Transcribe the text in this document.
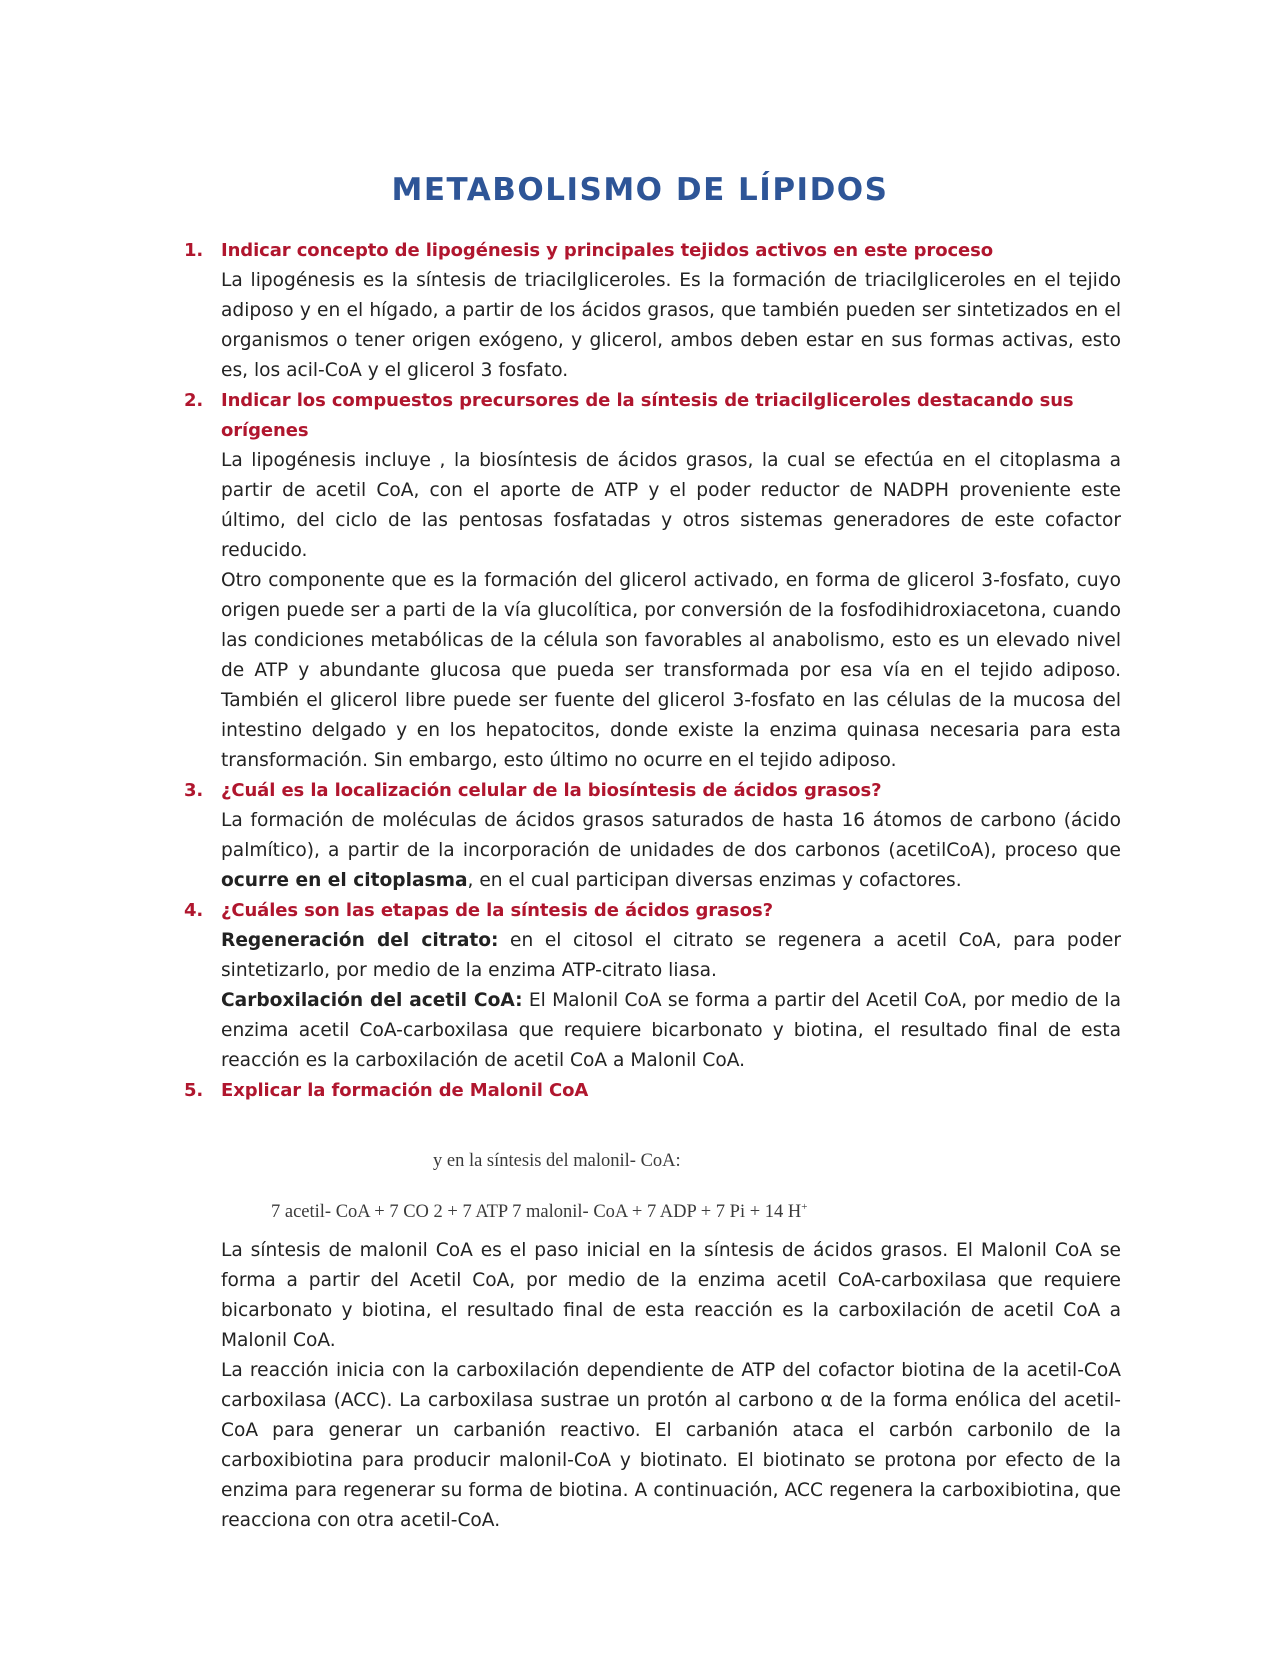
METABOLISMO DE LÍPIDOS
1. Indicar concepto de lipogénesis y principales tejidos activos en este proceso

La lipogénesis es la síntesis de triacilgliceroles. Es la formación de triacilgliceroles en el tejido adiposo y en el hígado, a partir de los ácidos grasos, que también pueden ser sintetizados en el organismos o tener origen exógeno, y glicerol, ambos deben estar en sus formas activas, esto es, los acil-CoA y el glicerol 3 fosfato.

2. Indicar los compuestos precursores de la síntesis de triacilgliceroles destacando sus orígenes

La lipogénesis incluye , la biosíntesis de ácidos grasos, la cual se efectúa en el citoplasma a partir de acetil CoA, con el aporte de ATP y el poder reductor de NADPH proveniente este último, del ciclo de las pentosas fosfatadas y otros sistemas generadores de este cofactor reducido.

Otro componente que es la formación del glicerol activado, en forma de glicerol 3-fosfato, cuyo origen puede ser a parti de la vía glucolítica, por conversión de la fosfodihidroxiacetona, cuando las condiciones metabólicas de la célula son favorables al anabolismo, esto es un elevado nivel de ATP y abundante glucosa que pueda ser transformada por esa vía en el tejido adiposo. También el glicerol libre puede ser fuente del glicerol 3-fosfato en las células de la mucosa del intestino delgado y en los hepatocitos, donde existe la enzima quinasa necesaria para esta transformación. Sin embargo, esto último no ocurre en el tejido adiposo.

3. ¿Cuál es la localización celular de la biosíntesis de ácidos grasos?

La formación de moléculas de ácidos grasos saturados de hasta 16 átomos de carbono (ácido palmítico), a partir de la incorporación de unidades de dos carbonos (acetilCoA), proceso que ocurre en el citoplasma, en el cual participan diversas enzimas y cofactores.

4. ¿Cuáles son las etapas de la síntesis de ácidos grasos?

Regeneración del citrato: en el citosol el citrato se regenera a acetil CoA, para poder sintetizarlo, por medio de la enzima ATP-citrato liasa.

Carboxilación del acetil CoA: El Malonil CoA se forma a partir del Acetil CoA, por medio de la enzima acetil CoA-carboxilasa que requiere bicarbonato y biotina, el resultado final de esta reacción es la carboxilación de acetil CoA a Malonil CoA.

5. Explicar la formación de Malonil CoA
y en la síntesis del malonil- CoA:
7 acetil- CoA + 7 CO 2 + 7 ATP 7 malonil- CoA + 7 ADP + 7 Pi + 14 H+

La síntesis de malonil CoA es el paso inicial en la síntesis de ácidos grasos. El Malonil CoA se forma a partir del Acetil CoA, por medio de la enzima acetil CoA-carboxilasa que requiere bicarbonato y biotina, el resultado final de esta reacción es la carboxilación de acetil CoA a Malonil CoA.

La reacción inicia con la carboxilación dependiente de ATP del cofactor biotina de la acetil-CoA carboxilasa (ACC). La carboxilasa sustrae un protón al carbono α de la forma enólica del acetil-CoA para generar un carbanión reactivo. El carbanión ataca el carbón carbonilo de la carboxibiotina para producir malonil-CoA y biotinato. El biotinato se protona por efecto de la enzima para regenerar su forma de biotina. A continuación, ACC regenera la carboxibiotina, que reacciona con otra acetil-CoA.
